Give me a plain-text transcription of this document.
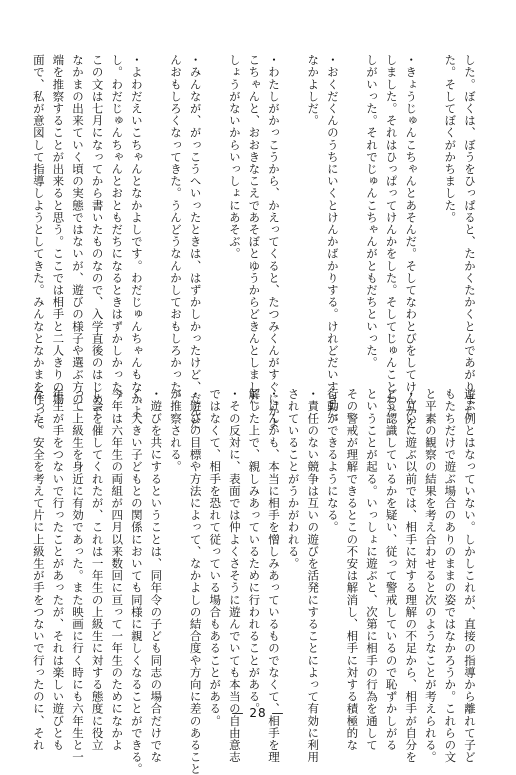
した。ぼくは、ぼうをひっぱると、たかくたかくとんであがりまし
た。そしてぼくがかちました。
・きょうじゅんこちゃんとあそんだ。そしてなわとびをしてけんかを
しました。それはひっぱってけんかをした。そしてじゅんことわた
しがいった。それでじゅんこちゃんがともだちといった。
・おくだくんのうちにいくとけんかばかりする。けれどだいすきだ。
なかよしだ。
・わたしがかっこうから、かえってくると、たつみくんがすぐにかよ
こちゃんと、おおきなこえであそぼとゆうからどきんとしました。
しょうがないからいっしょにあそぶ。
・みんなが、がっこうへいったときは、はずかしかったけど、だんだ
んおもしろくなってきた。うんどうなんかしておもしろかった。
・よわだえいこちゃんとなかよしです。わだじゅんちゃんもなかよ
し。わだじゅんちゃんとおともだちになるときはずかしかった。
この文は七月になってから書いたものなので、入学直後のはじめて
なかまの出来ていく頃の実態ではないが、遊びの様子や選ぶ方の一
端を推察することが出来ると思う。ここでは相手と二人きりの場
面で、私が意図して指導しようとしてきた。みんなとなかまを作って
遊ぶ例とはなっていない。しかしこれが、直接の指導から離れて子ど
もたちだけで遊ぶ場合のありのままの姿ではなかろうか。これらの文
と平素の観察の結果を考え合わせると次のようなことが考えられる。
・互いに遊ぶ以前では、相手に対する理解の不足から、相手が自分を
どう認識しているかを疑い、従って警戒しているので恥ずかしがる
ということが起る。いっしょに遊ぶと、次第に相手の行為を通して
その警戒が理解できるとこの不安は解消し、相手に対する積極的な
行動ができるようになる。
・責任のない競争は互いの遊びを活発にすることによって有効に利用
されていることがうかがわれる。
・けんかも、本当に相手を憎しみあっているものでなくて、相手を理
解した上で、親しみあっているために行われることがある。
・その反対に、表面では仲よくさそうに遊んでいても本当の自由意志
ではなくて、相手を恐れて従っている場合もあることがある。
・遊びの目標や方法によって、なかよしの結合度や方向に差のあること
が推察される。
・遊びを共にするということは、同年令の子ども同志の場合だけでな
く、大きい子どもとの関係においても同様に親しくなることができる。
今年は六年生の両組が四月以来数回に亘って一年生のためになかよ
し会を催してくれたが、これは一年生の上級生に対する態度に役立
って上級生を身近に有効であった。また映画に行く時にも六年生と一
年生が手をつないで行ったことがあったが、それは楽しい遊びとも
なった。安全を考えて片に上級生が手をつないで行ったのに、それ	— 28 —
